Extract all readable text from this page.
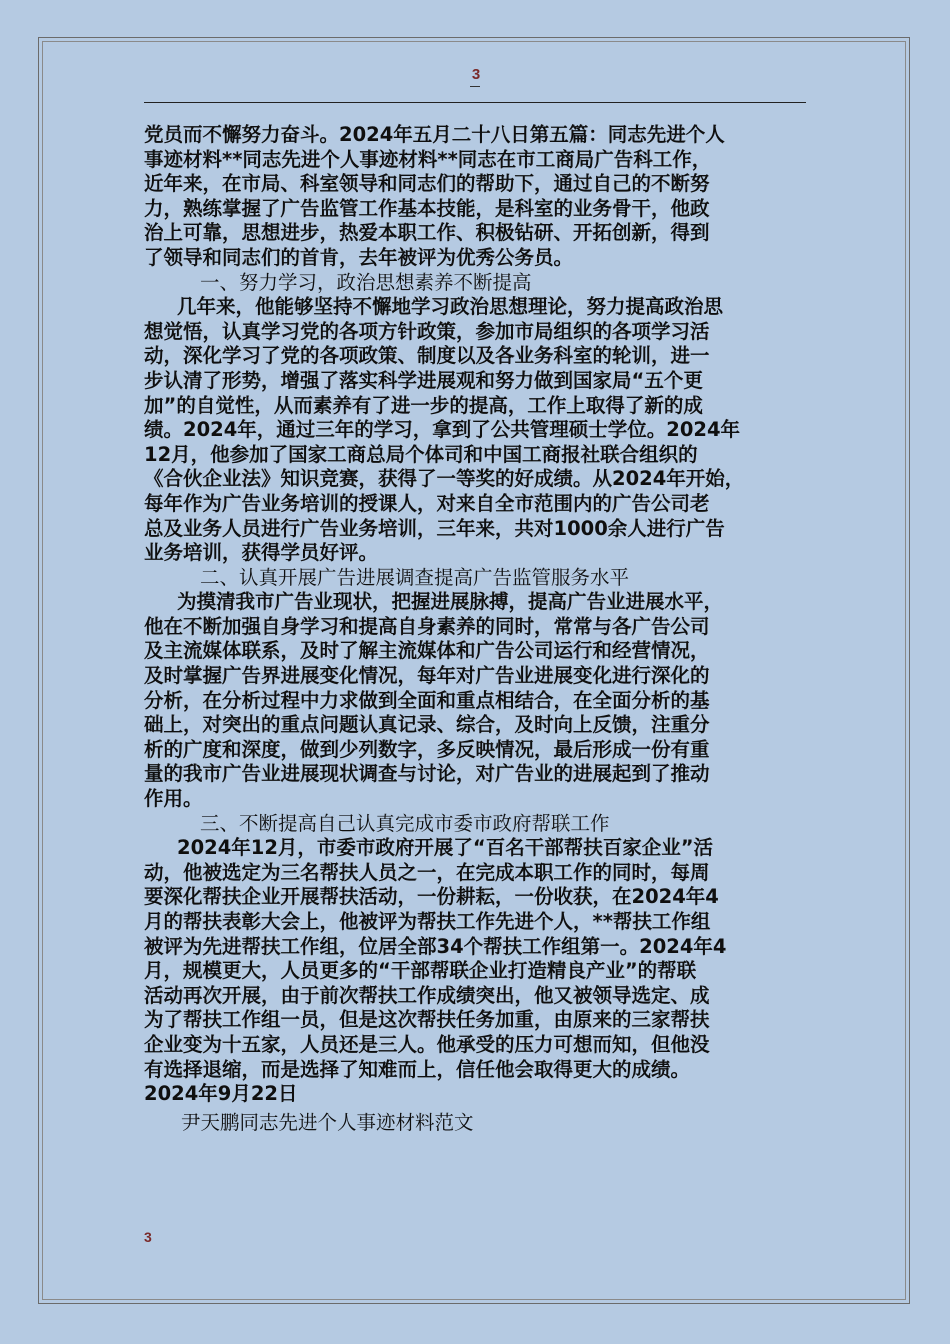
3

党员而不懈努力奋斗。2024年五月二十八日第五篇：同志先进个人

事迹材料**同志先进个人事迹材料**同志在市工商局广告科工作，

近年来，在市局、科室领导和同志们的帮助下，通过自己的不断努

力，熟练掌握了广告监管工作基本技能，是科室的业务骨干，他政

治上可靠，思想进步，热爱本职工作、积极钻研、开拓创新，得到

了领导和同志们的首肯，去年被评为优秀公务员。

一、努力学习，政治思想素养不断提高

几年来，他能够坚持不懈地学习政治思想理论，努力提高政治思

想觉悟，认真学习党的各项方针政策，参加市局组织的各项学习活

动，深化学习了党的各项政策、制度以及各业务科室的轮训，进一

步认清了形势，增强了落实科学进展观和努力做到国家局“五个更

加”的自觉性，从而素养有了进一步的提高，工作上取得了新的成

绩。2024年，通过三年的学习，拿到了公共管理硕士学位。2024年

12月，他参加了国家工商总局个体司和中国工商报社联合组织的

《合伙企业法》知识竞赛，获得了一等奖的好成绩。从2024年开始，

每年作为广告业务培训的授课人，对来自全市范围内的广告公司老

总及业务人员进行广告业务培训，三年来，共对1000余人进行广告

业务培训，获得学员好评。

二、认真开展广告进展调查提高广告监管服务水平

为摸清我市广告业现状，把握进展脉搏，提高广告业进展水平，

他在不断加强自身学习和提高自身素养的同时，常常与各广告公司

及主流媒体联系，及时了解主流媒体和广告公司运行和经营情况，

及时掌握广告界进展变化情况，每年对广告业进展变化进行深化的

分析，在分析过程中力求做到全面和重点相结合，在全面分析的基

础上，对突出的重点问题认真记录、综合，及时向上反馈，注重分

析的广度和深度，做到少列数字，多反映情况，最后形成一份有重

量的我市广告业进展现状调查与讨论，对广告业的进展起到了推动

作用。

三、不断提高自己认真完成市委市政府帮联工作

2024年12月，市委市政府开展了“百名干部帮扶百家企业”活

动，他被选定为三名帮扶人员之一，在完成本职工作的同时，每周

要深化帮扶企业开展帮扶活动，一份耕耘，一份收获，在2024年4

月的帮扶表彰大会上，他被评为帮扶工作先进个人，**帮扶工作组

被评为先进帮扶工作组，位居全部34个帮扶工作组第一。2024年4

月，规模更大，人员更多的“干部帮联企业打造精良产业”的帮联

活动再次开展，由于前次帮扶工作成绩突出，他又被领导选定、成

为了帮扶工作组一员，但是这次帮扶任务加重，由原来的三家帮扶

企业变为十五家，人员还是三人。他承受的压力可想而知，但他没

有选择退缩，而是选择了知难而上，信任他会取得更大的成绩。

2024年9月22日

尹天鹏同志先进个人事迹材料范文

3
